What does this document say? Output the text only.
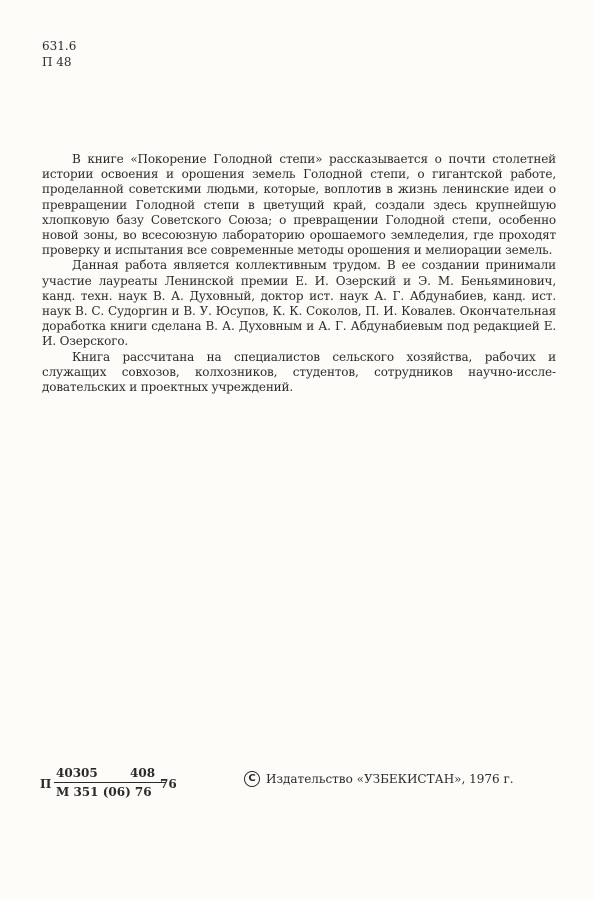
631.6
П 48

В книге «Покорение Голодной степи» рассказывается о почти столетней истории освоения и орошения земель Голодной степи, о гигантской работе, проделанной советскими людьми, которые, воплотив в жизнь ленинские идеи о превращении Голодной степи в цветущий край, создали здесь крупнейшую хлопковую базу Советского Союза; о превращении Голодной степи, особенно новой зоны, во всесоюзную лабораторию орошаемого земледелия, где проходят проверку и испытания все современные методы орошения и мелиорации земель.

Данная работа является коллективным трудом. В ее создании принимали участие лауреаты Ленинской премии Е. И. Озерский и Э. М. Беньяминович, канд. техн. наук В. А. Духовный, доктор ист. наук А. Г. Абдунабиев, канд. ист. наук В. С. Судоргин и В. У. Юсупов, К. К. Соколов, П. И. Ковалев. Окончательная доработка книги сделана В. А. Духовным и А. Г. Абдунабиевым под редакцией Е. И. Озерского.

Книга рассчитана на специалистов сельского хозяйства, рабочих и служащих совхозов, колхозников, студентов, сотрудников научно-исследовательских и проектных учреждений.

П
40305	408
М 351 (06) 76
76	C Издательство «УЗБЕКИСТАН», 1976 г.
